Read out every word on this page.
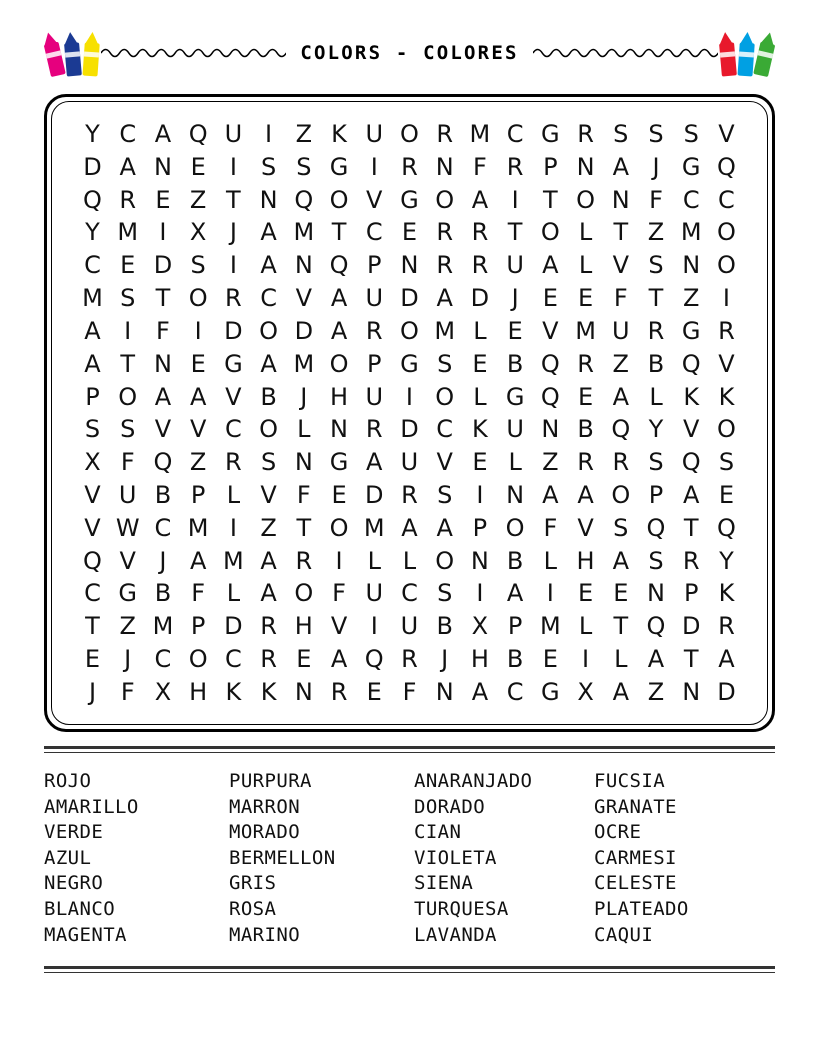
COLORS - COLORES
Y C A Q U I Z K U O R M C G R S S S V
D A N E	I	S S G I R N F R P N A J G Q
Q R E Z T N Q O V G O A I	T O N F C C
Y M I X J A M T C E R R T O L T Z M O
C E D S	I A N Q P N R R U A L V S N O
M S T O R C V A U D A D J	E E F T Z I
A I	F	I D O D A R O M L E V M U R G R
A T N E G A M O P G S E B Q R Z B Q V
P O A A V B J H U I O L G Q E A L K K
S S V V C O L N R D C K U N B Q Y V O
X F Q Z R S N G A U V E L Z R R S Q S
V U B P L V F E D R S	I N A A O P A E
V W C M I Z T O M A A P O F V S Q T Q
Q V J A M A R I	L L O N B L H A S R Y
C G B F L A O F U C S	I A I	E E N P K
T Z M P D R H V I U B X P M L T Q D R
E	J C O C R E A Q R J H B E	I	L A T A
J	F X H K K N R E F N A C G X A Z N D
ROJO
AMARILLO
VERDE
AZUL
NEGRO
BLANCO
MAGENTA
PURPURA
MARRON
MORADO
BERMELLON
GRIS
ROSA
MARINO
ANARANJADO
DORADO
CIAN
VIOLETA
SIENA
TURQUESA
LAVANDA
FUCSIA
GRANATE
OCRE
CARMESI
CELESTE
PLATEADO
CAQUI
